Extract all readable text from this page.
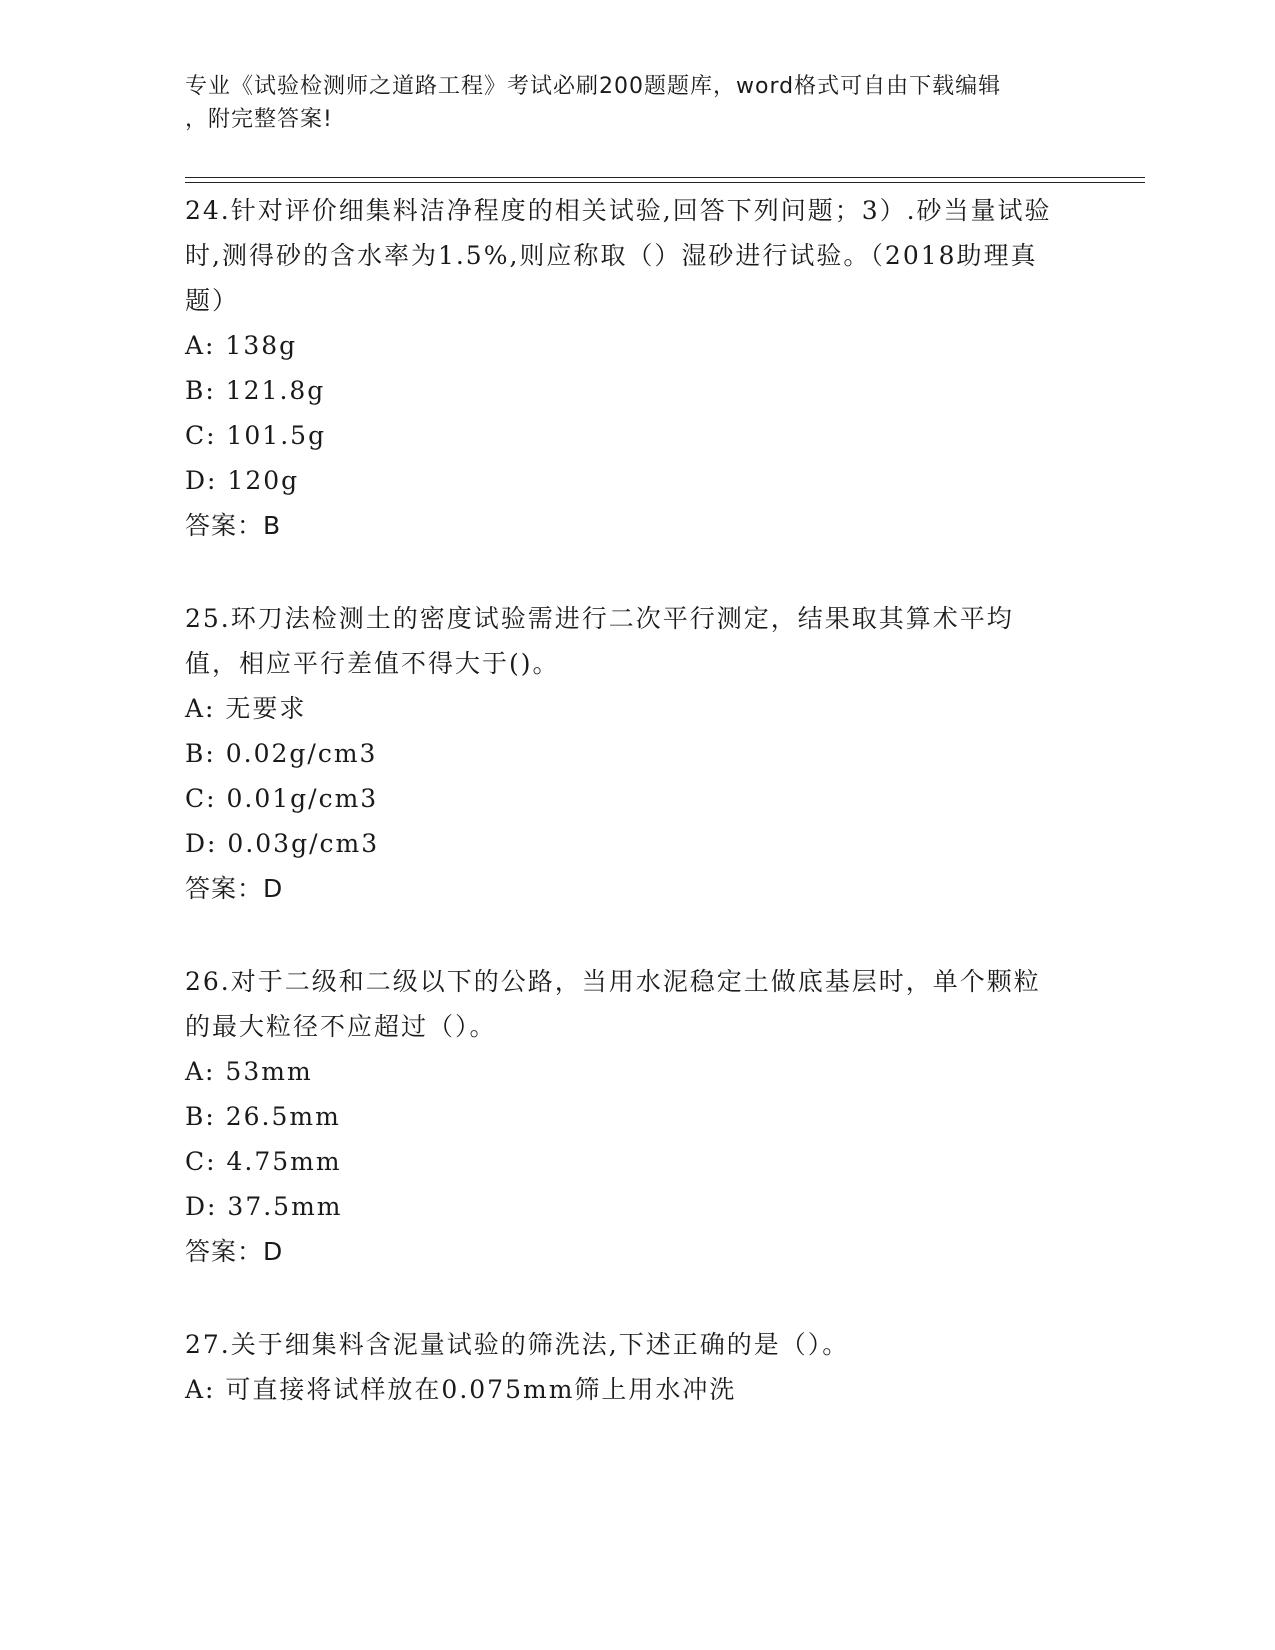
专业《试验检测师之道路工程》考试必刷200题题库，word格式可自由下载编辑
，附完整答案!

24.针对评价细集料洁净程度的相关试验,回答下列问题；3）.砂当量试验时,测得砂的含水率为1.5%,则应称取（）湿砂进行试验。（2018助理真题）

A: 138g

B: 121.8g

C: 101.5g

D: 120g

答案：B

25.环刀法检测土的密度试验需进行二次平行测定，结果取其算术平均值，相应平行差值不得大于()。

A: 无要求

B: 0.02g/cm3

C: 0.01g/cm3

D: 0.03g/cm3

答案：D

26.对于二级和二级以下的公路，当用水泥稳定土做底基层时，单个颗粒的最大粒径不应超过（）。

A: 53mm

B: 26.5mm

C: 4.75mm

D: 37.5mm

答案：D

27.关于细集料含泥量试验的筛洗法,下述正确的是（）。

A: 可直接将试样放在0.075mm筛上用水冲洗
